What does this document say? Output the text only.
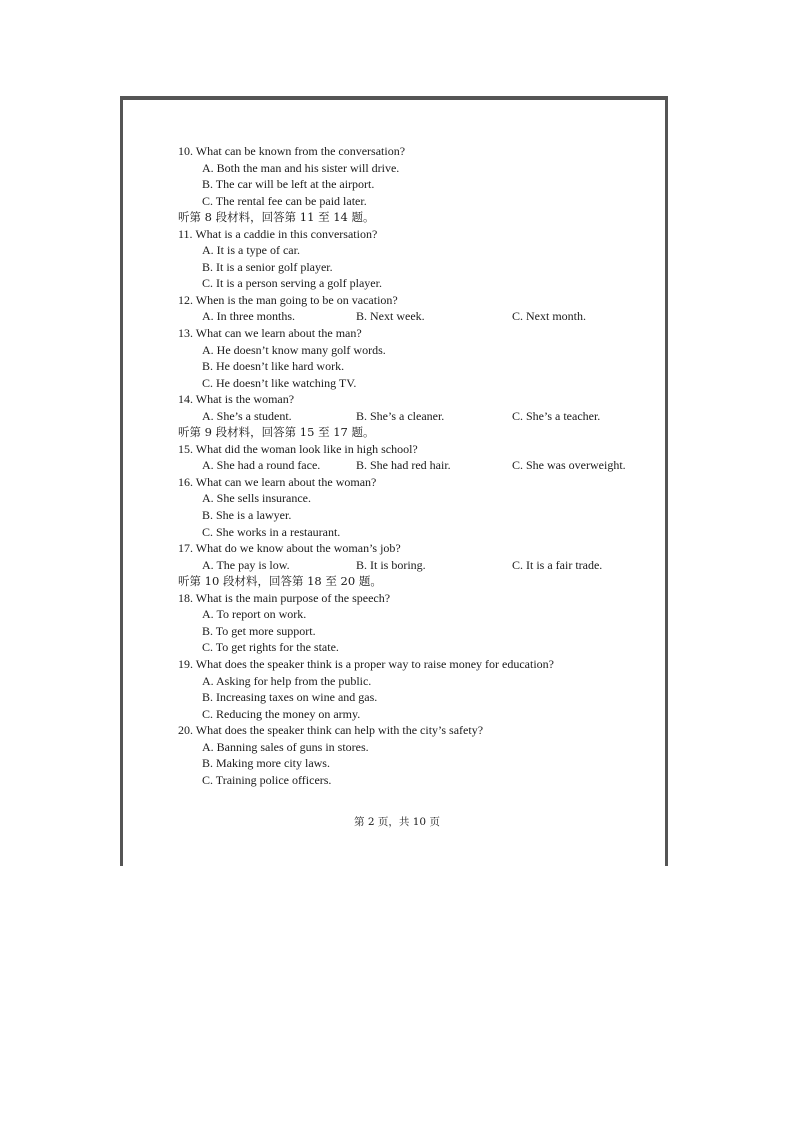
10. What can be known from the conversation?
A. Both the man and his sister will drive.
B. The car will be left at the airport.
C. The rental fee can be paid later.
听第 8 段材料，回答第 11 至 14 题。
11. What is a caddie in this conversation?
A. It is a type of car.
B. It is a senior golf player.
C. It is a person serving a golf player.
12. When is the man going to be on vacation?
A. In three months.	B. Next week.	C. Next month.
13. What can we learn about the man?
A. He doesn’t know many golf words.
B. He doesn’t like hard work.
C. He doesn’t like watching TV.
14. What is the woman?
A. She’s a student.	B. She’s a cleaner.	C. She’s a teacher.
听第 9 段材料，回答第 15 至 17 题。
15. What did the woman look like in high school?
A. She had a round face.	B. She had red hair.	C. She was overweight.
16. What can we learn about the woman?
A. She sells insurance.
B. She is a lawyer.
C. She works in a restaurant.
17. What do we know about the woman’s job?
A. The pay is low.	B. It is boring.	C. It is a fair trade.
听第 10 段材料，回答第 18 至 20 题。
18. What is the main purpose of the speech?
A. To report on work.
B. To get more support.
C. To get rights for the state.
19. What does the speaker think is a proper way to raise money for education?
A. Asking for help from the public.
B. Increasing taxes on wine and gas.
C. Reducing the money on army.
20. What does the speaker think can help with the city’s safety?
A. Banning sales of guns in stores.
B. Making more city laws.
C. Training police officers.
第 2 页，共 10 页
